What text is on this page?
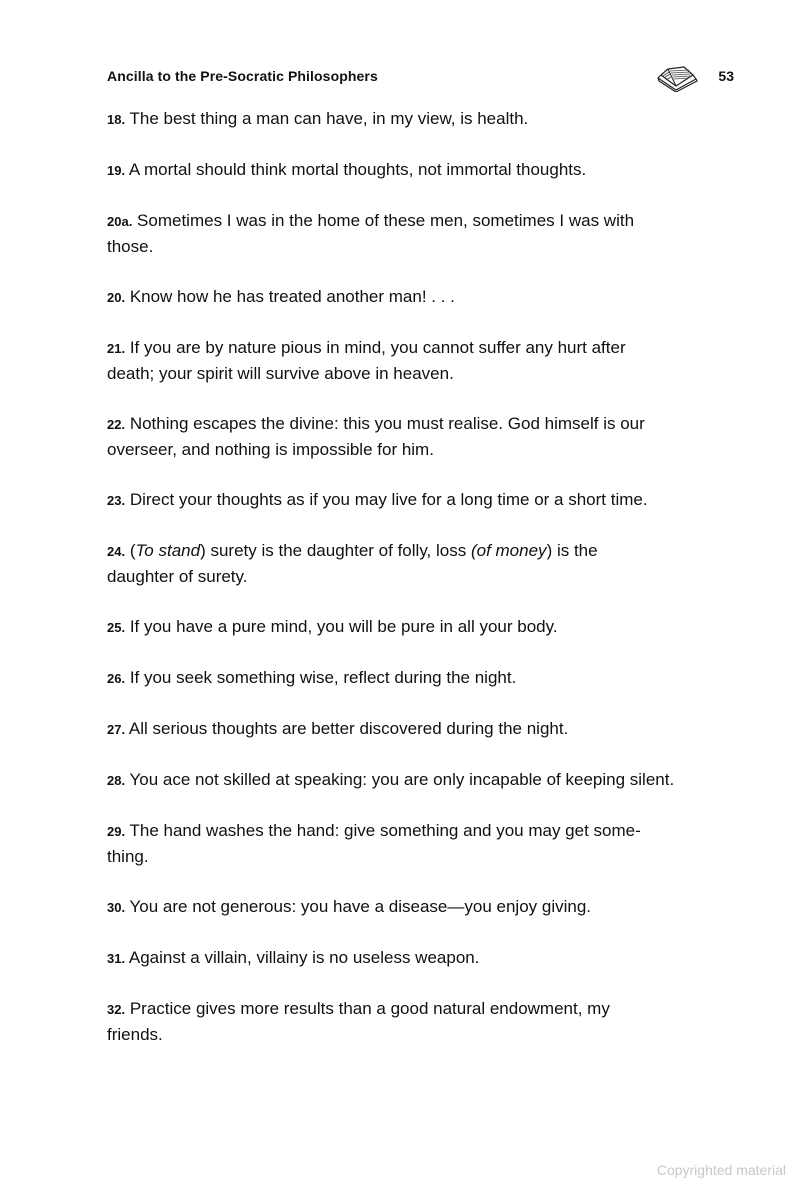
Ancilla to the Pre-Socratic Philosophers	53

18. The best thing a man can have, in my view, is health.

19. A mortal should think mortal thoughts, not immortal thoughts.

20a. Sometimes I was in the home of these men, sometimes I was with
those.

20. Know how he has treated another man! . . .

21. If you are by nature pious in mind, you cannot suffer any hurt after
death; your spirit will survive above in heaven.

22. Nothing escapes the divine: this you must realise. God himself is our
overseer, and nothing is impossible for him.

23. Direct your thoughts as if you may live for a long time or a short time.

24. (To stand) surety is the daughter of folly, loss (of money) is the
daughter of surety.

25. If you have a pure mind, you will be pure in all your body.

26. If you seek something wise, reflect during the night.

27. All serious thoughts are better discovered during the night.

28. You ace not skilled at speaking: you are only incapable of keeping silent.

29. The hand washes the hand: give something and you may get some-
thing.

30. You are not generous: you have a disease—you enjoy giving.

31. Against a villain, villainy is no useless weapon.

32. Practice gives more results than a good natural endowment, my
friends.

Copyrighted material
